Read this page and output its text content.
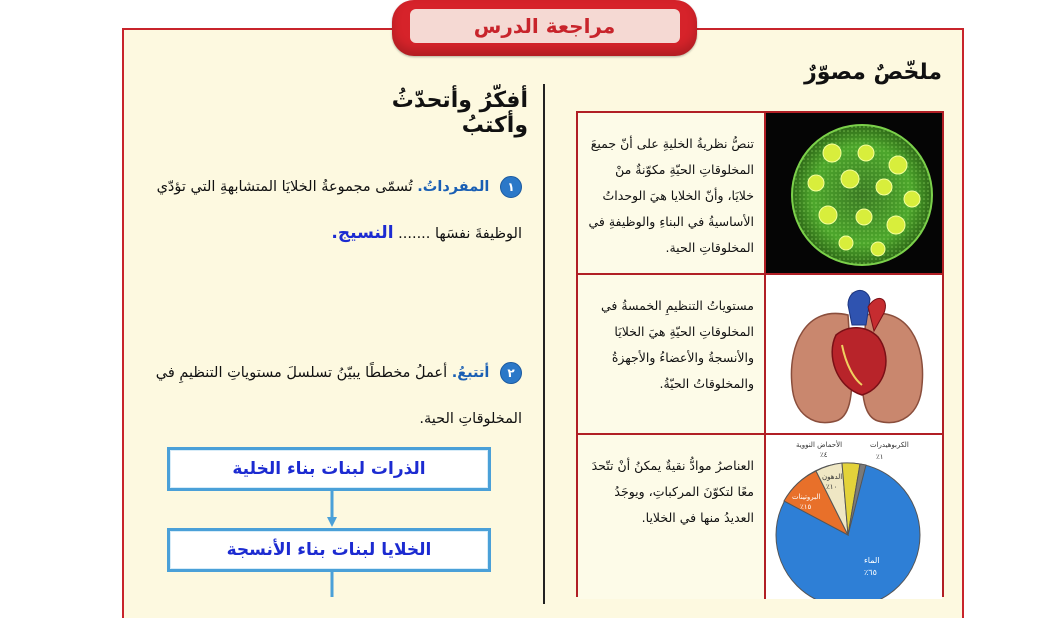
مراجعة الدرس
ملخّصٌ مصوّرٌ
أفكّرُ وأتحدّثُ وأكتبُ
تنصُّ نظريةُ الخليةِ على أنّ جميعَ المخلوقاتِ الحيّةِ مكوّنةٌ منْ خلايَا، وأنّ الخلايا هيَ الوحداتُ الأساسيةُ في البناءِ والوظيفةِ في المخلوقاتِ الحية.
مستوياتُ التنظيمِ الخمسةُ في المخلوقاتِ الحيّةِ هيَ الخلايَا والأنسجةُ والأعضاءُ والأجهزةُ والمخلوقاتُ الحيّةُ.
العناصرُ موادُّ نقيةٌ يمكنُ أنْ تتّحدَ معًا لتكوّنَ المركباتِ، ويوجَدُ العديدُ منها في الخلايا.
الماء
٪٦٥
البروتينات
٪١٥
الدهون
٪١٠
الأحماض النووية
٪٤
الكربوهيدرات
٪١
١ المفرداتُ. تُسمّى مجموعةُ الخلايَا المتشابهةِ التي تؤدّي الوظيفةَ نفسَها ....... النسيج.
٢ أتتبعُ. أعملُ مخططًا يبيّنُ تسلسلَ مستوياتِ التنظيمِ في المخلوقاتِ الحية.
الذرات لبنات بناء الخلية
الخلايا لبنات بناء الأنسجة
